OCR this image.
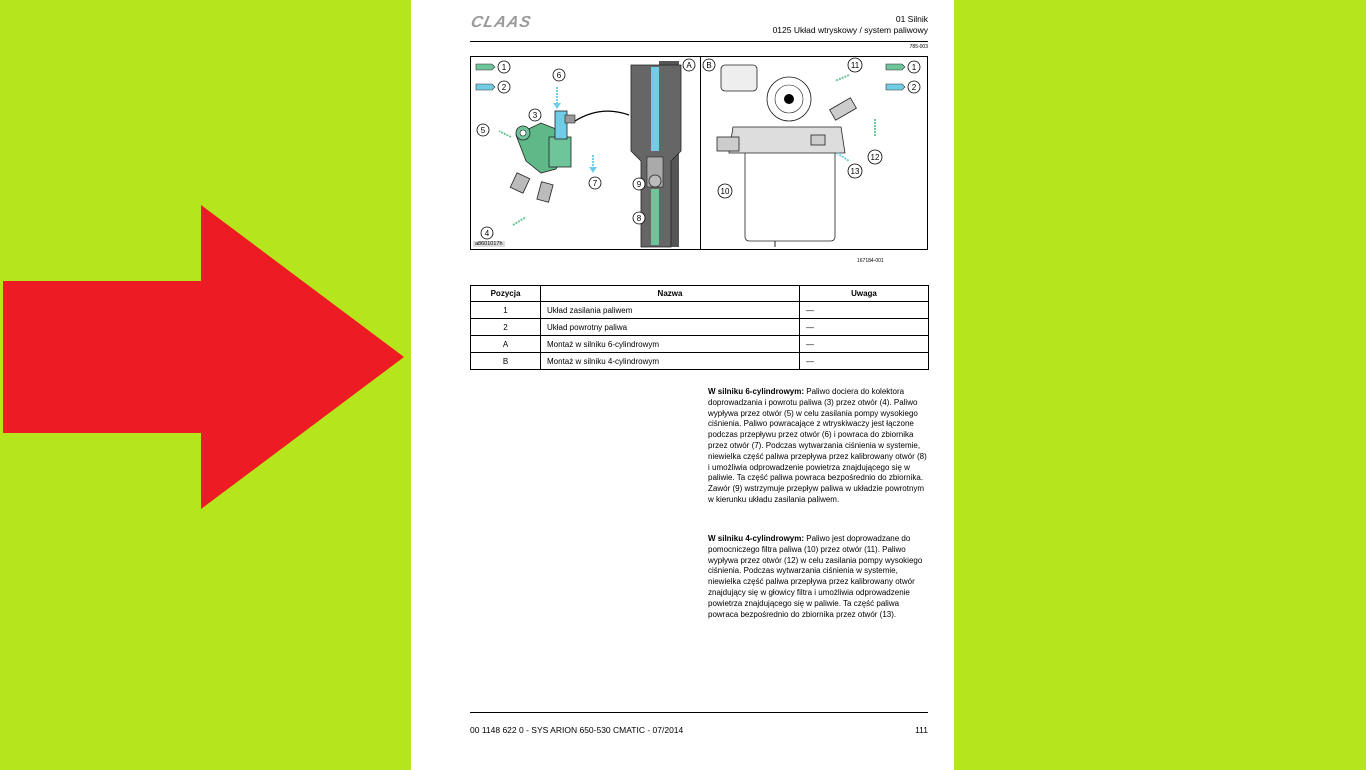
CLAAS	01 Silnik
0125 Układ wtryskowy / system paliwowy
785-003
1
2
A B
3
4
5
6
7
8
9
1
2
10
11
12
13
a8601017h
167184-001
Pozycja	Nazwa	Uwaga
1	Układ zasilania paliwem	—
2	Układ powrotny paliwa	—
A	Montaż w silniku 6-cylindrowym	—
B	Montaż w silniku 4-cylindrowym	—
W silniku 6-cylindrowym: Paliwo dociera do kolektora doprowadzania i powrotu paliwa (3) przez otwór (4). Paliwo wypływa przez otwór (5) w celu zasilania pompy wysokiego ciśnienia. Paliwo powracające z wtryskiwaczy jest łączone podczas przepływu przez otwór (6) i powraca do zbiornika przez otwór (7). Podczas wytwarzania ciśnienia w systemie, niewielka część paliwa przepływa przez kalibrowany otwór (8) i umożliwia odprowadzenie powietrza znajdującego się w paliwie. Ta część paliwa powraca bezpośrednio do zbiornika. Zawór (9) wstrzymuje przepływ paliwa w układzie powrotnym w kierunku układu zasilania paliwem.
W silniku 4-cylindrowym: Paliwo jest doprowadzane do pomocniczego filtra paliwa (10) przez otwór (11). Paliwo wypływa przez otwór (12) w celu zasilania pompy wysokiego ciśnienia. Podczas wytwarzania ciśnienia w systemie, niewielka część paliwa przepływa przez kalibrowany otwór znajdujący się w głowicy filtra i umożliwia odprowadzenie powietrza znajdującego się w paliwie. Ta część paliwa powraca bezpośrednio do zbiornika przez otwór (13).
00 1148 622 0 - SYS ARION 650-530 CMATIC - 07/2014	111
